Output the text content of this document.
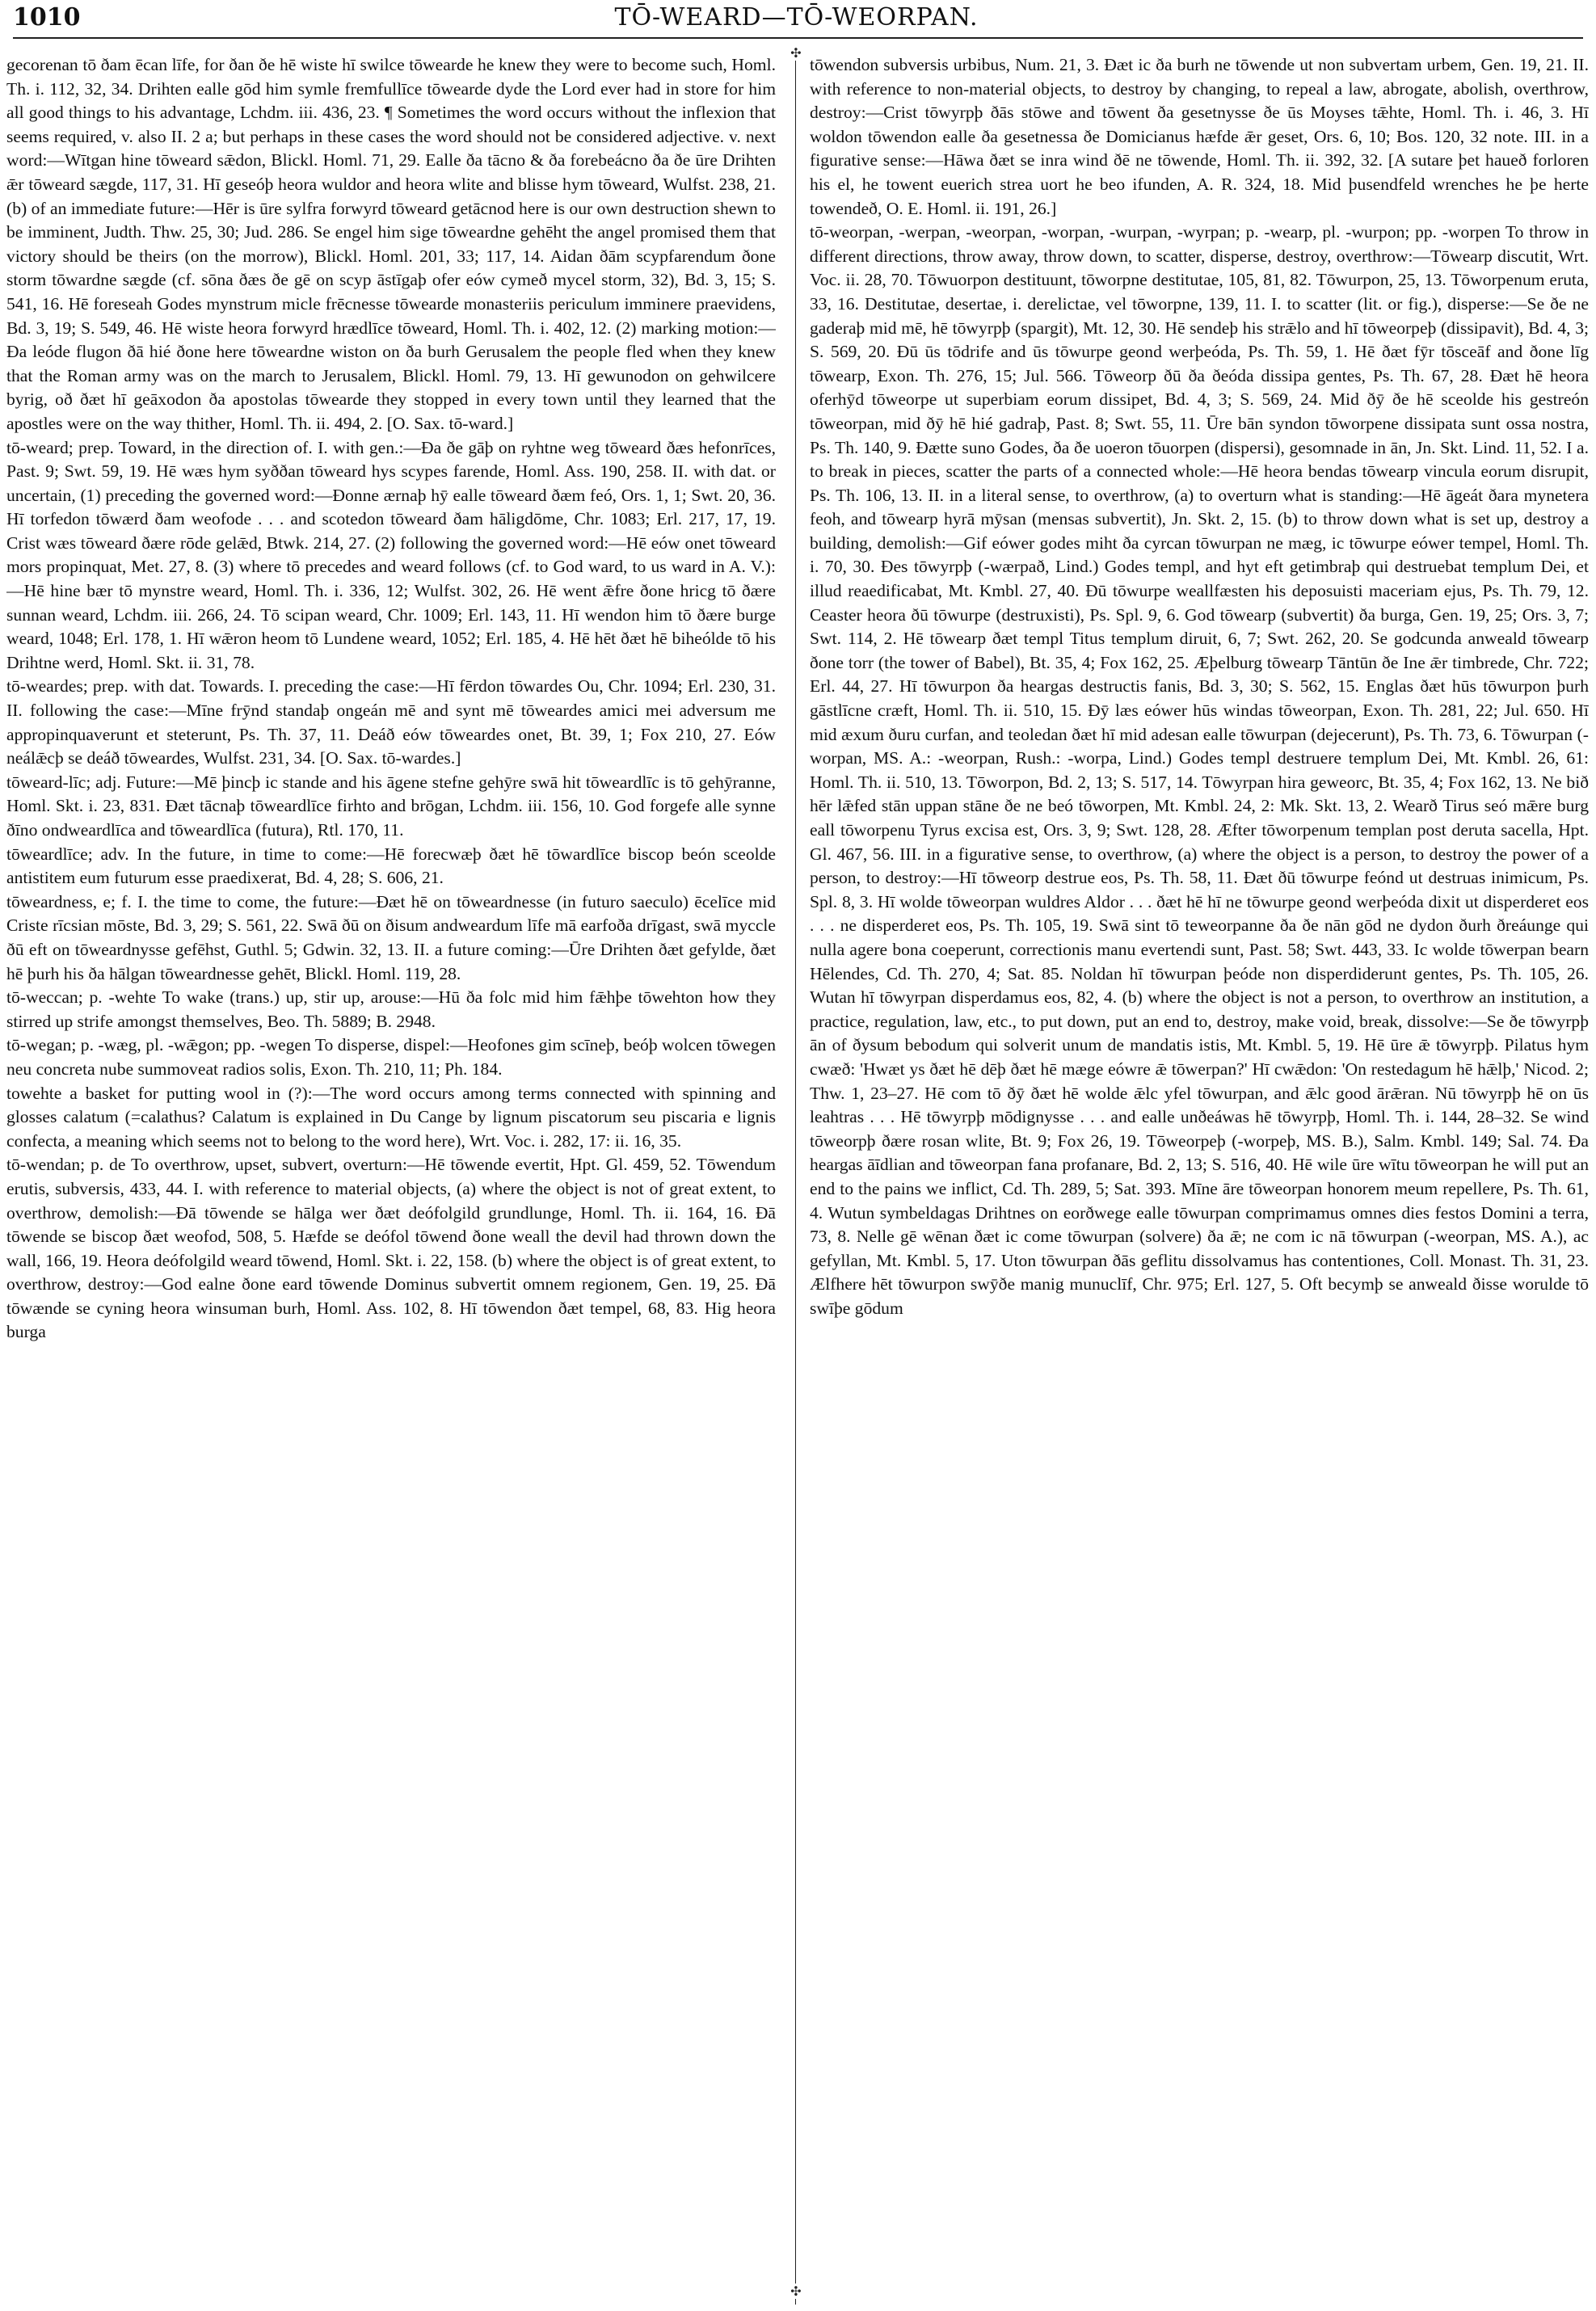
1010	TŌ-WEARD—TŌ-WEORPAN.
✣
✣

gecorenan tō ðam ēcan līfe, for ðan ðe hē wiste hī swilce tōwearde he knew they were to become such, Homl. Th. i. 112, 32, 34. Drihten ealle gōd him symle fremfullīce tōwearde dyde the Lord ever had in store for him all good things to his advantage, Lchdm. iii. 436, 23. ¶ Sometimes the word occurs without the inflexion that seems required, v. also II. 2 a; but perhaps in these cases the word should not be considered adjective. v. next word:—Wītgan hine tōweard sǣdon, Blickl. Homl. 71, 29. Ealle ða tācno & ða forebeácno ða ðe ūre Drihten ǣr tōweard sægde, 117, 31. Hī geseóþ heora wuldor and heora wlite and blisse hym tōweard, Wulfst. 238, 21. (b) of an immediate future:—Hēr is ūre sylfra forwyrd tōweard getācnod here is our own destruction shewn to be imminent, Judth. Thw. 25, 30; Jud. 286. Se engel him sige tōweardne gehēht the angel promised them that victory should be theirs (on the morrow), Blickl. Homl. 201, 33; 117, 14. Aidan ðām scypfarendum ðone storm tōwardne sægde (cf. sōna ðæs ðe gē on scyp āstīgaþ ofer eów cymeð mycel storm, 32), Bd. 3, 15; S. 541, 16. Hē foreseah Godes mynstrum micle frēcnesse tōwearde monasteriis periculum imminere praevidens, Bd. 3, 19; S. 549, 46. Hē wiste heora forwyrd hrædlīce tōweard, Homl. Th. i. 402, 12. (2) marking motion:—Ða leóde flugon ðā hié ðone here tōweardne wiston on ða burh Gerusalem the people fled when they knew that the Roman army was on the march to Jerusalem, Blickl. Homl. 79, 13. Hī gewunodon on gehwilcere byrig, oð ðæt hī geāxodon ða apostolas tōwearde they stopped in every town until they learned that the apostles were on the way thither, Homl. Th. ii. 494, 2. [O. Sax. tō-ward.]

tō-weard; prep. Toward, in the direction of. I. with gen.:—Ða ðe gāþ on ryhtne weg tōweard ðæs hefonrīces, Past. 9; Swt. 59, 19. Hē wæs hym syððan tōweard hys scypes farende, Homl. Ass. 190, 258. II. with dat. or uncertain, (1) preceding the governed word:—Ðonne ærnaþ hȳ ealle tōweard ðæm feó, Ors. 1, 1; Swt. 20, 36. Hī torfedon tōwærd ðam weofode . . . and scotedon tōweard ðam hāligdōme, Chr. 1083; Erl. 217, 17, 19. Crist wæs tōweard ðære rōde gelǣd, Btwk. 214, 27. (2) following the governed word:—Hē eów onet tōweard mors propinquat, Met. 27, 8. (3) where tō precedes and weard follows (cf. to God ward, to us ward in A. V.):—Hē hine bær tō mynstre weard, Homl. Th. i. 336, 12; Wulfst. 302, 26. Hē went ǣfre ðone hricg tō ðære sunnan weard, Lchdm. iii. 266, 24. Tō scipan weard, Chr. 1009; Erl. 143, 11. Hī wendon him tō ðære burge weard, 1048; Erl. 178, 1. Hī wǣron heom tō Lundene weard, 1052; Erl. 185, 4. Hē hēt ðæt hē biheólde tō his Drihtne werd, Homl. Skt. ii. 31, 78.

tō-weardes; prep. with dat. Towards. I. preceding the case:—Hī fērdon tōwardes Ou, Chr. 1094; Erl. 230, 31. II. following the case:—Mīne frȳnd standaþ ongeán mē and synt mē tōweardes amici mei adversum me appropinquaverunt et steterunt, Ps. Th. 37, 11. Deáð eów tōweardes onet, Bt. 39, 1; Fox 210, 27. Eów neálǣcþ se deáð tōweardes, Wulfst. 231, 34. [O. Sax. tō-wardes.]

tōweard-līc; adj. Future:—Mē þincþ ic stande and his āgene stefne gehȳre swā hit tōweardlīc is tō gehȳranne, Homl. Skt. i. 23, 831. Ðæt tācnaþ tōweardlīce firhto and brōgan, Lchdm. iii. 156, 10. God forgefe alle synne ðīno ondweardlīca and tōweardlīca (futura), Rtl. 170, 11.

tōweardlīce; adv. In the future, in time to come:—Hē forecwæþ ðæt hē tōwardlīce biscop beón sceolde antistitem eum futurum esse praedixerat, Bd. 4, 28; S. 606, 21.

tōweardness, e; f. I. the time to come, the future:—Ðæt hē on tōweardnesse (in futuro saeculo) ēcelīce mid Criste rīcsian mōste, Bd. 3, 29; S. 561, 22. Swā ðū on ðisum andweardum līfe mā earfoða drīgast, swā myccle ðū eft on tōweardnysse gefēhst, Guthl. 5; Gdwin. 32, 13. II. a future coming:—Ūre Drihten ðæt gefylde, ðæt hē þurh his ða hālgan tōweardnesse gehēt, Blickl. Homl. 119, 28.

tō-weccan; p. -wehte To wake (trans.) up, stir up, arouse:—Hū ða folc mid him fǣhþe tōwehton how they stirred up strife amongst themselves, Beo. Th. 5889; B. 2948.

tō-wegan; p. -wæg, pl. -wǣgon; pp. -wegen To disperse, dispel:—Heofones gim scīneþ, beóþ wolcen tōwegen neu concreta nube summoveat radios solis, Exon. Th. 210, 11; Ph. 184.

towehte a basket for putting wool in (?):—The word occurs among terms connected with spinning and glosses calatum (=calathus? Calatum is explained in Du Cange by lignum piscatorum seu piscaria e lignis confecta, a meaning which seems not to belong to the word here), Wrt. Voc. i. 282, 17: ii. 16, 35.

tō-wendan; p. de To overthrow, upset, subvert, overturn:—Hē tōwende evertit, Hpt. Gl. 459, 52. Tōwendum erutis, subversis, 433, 44. I. with reference to material objects, (a) where the object is not of great extent, to overthrow, demolish:—Ðā tōwende se hālga wer ðæt deófolgild grundlunge, Homl. Th. ii. 164, 16. Ðā tōwende se biscop ðæt weofod, 508, 5. Hæfde se deófol tōwend ðone weall the devil had thrown down the wall, 166, 19. Heora deófolgild weard tōwend, Homl. Skt. i. 22, 158. (b) where the object is of great extent, to overthrow, destroy:—God ealne ðone eard tōwende Dominus subvertit omnem regionem, Gen. 19, 25. Ðā tōwænde se cyning heora winsuman burh, Homl. Ass. 102, 8. Hī tōwendon ðæt tempel, 68, 83. Hig heora burga

tōwendon subversis urbibus, Num. 21, 3. Ðæt ic ða burh ne tōwende ut non subvertam urbem, Gen. 19, 21. II. with reference to non-material objects, to destroy by changing, to repeal a law, abrogate, abolish, overthrow, destroy:—Crist tōwyrpþ ðās stōwe and tōwent ða gesetnysse ðe ūs Moyses tǣhte, Homl. Th. i. 46, 3. Hī woldon tōwendon ealle ða gesetnessa ðe Domicianus hæfde ǣr geset, Ors. 6, 10; Bos. 120, 32 note. III. in a figurative sense:—Hāwa ðæt se inra wind ðē ne tōwende, Homl. Th. ii. 392, 32. [A sutare þet haueð forloren his el, he towent euerich strea uort he beo ifunden, A. R. 324, 18. Mid þusendfeld wrenches he þe herte towendeð, O. E. Homl. ii. 191, 26.]

tō-weorpan, -werpan, -weorpan, -worpan, -wurpan, -wyrpan; p. -wearp, pl. -wurpon; pp. -worpen To throw in different directions, throw away, throw down, to scatter, disperse, destroy, overthrow:—Tōwearp discutit, Wrt. Voc. ii. 28, 70. Tōwuorpon destituunt, tōworpne destitutae, 105, 81, 82. Tōwurpon, 25, 13. Tōworpenum eruta, 33, 16. Destitutae, desertae, i. derelictae, vel tōworpne, 139, 11. I. to scatter (lit. or fig.), disperse:—Se ðe ne gaderaþ mid mē, hē tōwyrpþ (spargit), Mt. 12, 30. Hē sendeþ his strǣlo and hī tōweorpeþ (dissipavit), Bd. 4, 3; S. 569, 20. Ðū ūs tōdrife and ūs tōwurpe geond werþeóda, Ps. Th. 59, 1. Hē ðæt fȳr tōsceāf and ðone līg tōwearp, Exon. Th. 276, 15; Jul. 566. Tōweorp ðū ða ðeóda dissipa gentes, Ps. Th. 67, 28. Ðæt hē heora oferhȳd tōweorpe ut superbiam eorum dissipet, Bd. 4, 3; S. 569, 24. Mid ðȳ ðe hē sceolde his gestreón tōweorpan, mid ðȳ hē hié gadraþ, Past. 8; Swt. 55, 11. Ūre bān syndon tōworpene dissipata sunt ossa nostra, Ps. Th. 140, 9. Ðætte suno Godes, ða ðe uoeron tōuorpen (dispersi), gesomnade in ān, Jn. Skt. Lind. 11, 52. I a. to break in pieces, scatter the parts of a connected whole:—Hē heora bendas tōwearp vincula eorum disrupit, Ps. Th. 106, 13. II. in a literal sense, to overthrow, (a) to overturn what is standing:—Hē āgeát ðara mynetera feoh, and tōwearp hyrā mȳsan (mensas subvertit), Jn. Skt. 2, 15. (b) to throw down what is set up, destroy a building, demolish:—Gif eówer godes miht ða cyrcan tōwurpan ne mæg, ic tōwurpe eówer tempel, Homl. Th. i. 70, 30. Ðes tōwyrpþ (-wærpað, Lind.) Godes templ, and hyt eft getimbraþ qui destruebat templum Dei, et illud reaedificabat, Mt. Kmbl. 27, 40. Ðū tōwurpe weallfæsten his deposuisti maceriam ejus, Ps. Th. 79, 12. Ceaster heora ðū tōwurpe (destruxisti), Ps. Spl. 9, 6. God tōwearp (subvertit) ða burga, Gen. 19, 25; Ors. 3, 7; Swt. 114, 2. Hē tōwearp ðæt templ Titus templum diruit, 6, 7; Swt. 262, 20. Se godcunda anweald tōwearp ðone torr (the tower of Babel), Bt. 35, 4; Fox 162, 25. Æþelburg tōwearp Tāntūn ðe Ine ǣr timbrede, Chr. 722; Erl. 44, 27. Hī tōwurpon ða heargas destructis fanis, Bd. 3, 30; S. 562, 15. Englas ðæt hūs tōwurpon þurh gāstlīcne cræft, Homl. Th. ii. 510, 15. Ðȳ læs eówer hūs windas tōweorpan, Exon. Th. 281, 22; Jul. 650. Hī mid æxum ðuru curfan, and teoledan ðæt hī mid adesan ealle tōwurpan (dejecerunt), Ps. Th. 73, 6. Tōwurpan (-worpan, MS. A.: -weorpan, Rush.: -worpa, Lind.) Godes templ destruere templum Dei, Mt. Kmbl. 26, 61: Homl. Th. ii. 510, 13. Tōworpon, Bd. 2, 13; S. 517, 14. Tōwyrpan hira geweorc, Bt. 35, 4; Fox 162, 13. Ne bið hēr lǣfed stān uppan stāne ðe ne beó tōworpen, Mt. Kmbl. 24, 2: Mk. Skt. 13, 2. Wearð Tirus seó mǣre burg eall tōworpenu Tyrus excisa est, Ors. 3, 9; Swt. 128, 28. Æfter tōworpenum templan post deruta sacella, Hpt. Gl. 467, 56. III. in a figurative sense, to overthrow, (a) where the object is a person, to destroy the power of a person, to destroy:—Hī tōweorp destrue eos, Ps. Th. 58, 11. Ðæt ðū tōwurpe feónd ut destruas inimicum, Ps. Spl. 8, 3. Hī wolde tōweorpan wuldres Aldor . . . ðæt hē hī ne tōwurpe geond werþeóda dixit ut disperderet eos . . . ne disperderet eos, Ps. Th. 105, 19. Swā sint tō teweorpanne ða ðe nān gōd ne dydon ðurh ðreáunge qui nulla agere bona coeperunt, correctionis manu evertendi sunt, Past. 58; Swt. 443, 33. Ic wolde tōwerpan bearn Hēlendes, Cd. Th. 270, 4; Sat. 85. Noldan hī tōwurpan þeóde non disperdiderunt gentes, Ps. Th. 105, 26. Wutan hī tōwyrpan disperdamus eos, 82, 4. (b) where the object is not a person, to overthrow an institution, a practice, regulation, law, etc., to put down, put an end to, destroy, make void, break, dissolve:—Se ðe tōwyrpþ ān of ðysum bebodum qui solverit unum de mandatis istis, Mt. Kmbl. 5, 19. Hē ūre ǣ tōwyrpþ. Pilatus hym cwæð: 'Hwæt ys ðæt hē dēþ ðæt hē mæge eówre ǣ tōwerpan?' Hī cwǣdon: 'On restedagum hē hǣlþ,' Nicod. 2; Thw. 1, 23–27. Hē com tō ðȳ ðæt hē wolde ǣlc yfel tōwurpan, and ǣlc good ārǣran. Nū tōwyrpþ hē on ūs leahtras . . . Hē tōwyrpþ mōdignysse . . . and ealle unðeáwas hē tōwyrpþ, Homl. Th. i. 144, 28–32. Se wind tōweorpþ ðære rosan wlite, Bt. 9; Fox 26, 19. Tōweorpeþ (-worpeþ, MS. B.), Salm. Kmbl. 149; Sal. 74. Ða heargas āīdlian and tōweorpan fana profanare, Bd. 2, 13; S. 516, 40. Hē wile ūre wītu tōweorpan he will put an end to the pains we inflict, Cd. Th. 289, 5; Sat. 393. Mīne āre tōweorpan honorem meum repellere, Ps. Th. 61, 4. Wutun symbeldagas Drihtnes on eorðwege ealle tōwurpan comprimamus omnes dies festos Domini a terra, 73, 8. Nelle gē wēnan ðæt ic come tōwurpan (solvere) ða ǣ; ne com ic nā tōwurpan (-weorpan, MS. A.), ac gefyllan, Mt. Kmbl. 5, 17. Uton tōwurpan ðās geflitu dissolvamus has contentiones, Coll. Monast. Th. 31, 23. Ælfhere hēt tōwurpon swȳðe manig munuclīf, Chr. 975; Erl. 127, 5. Oft becymþ se anweald ðisse woruldе tō swīþe gōdum
